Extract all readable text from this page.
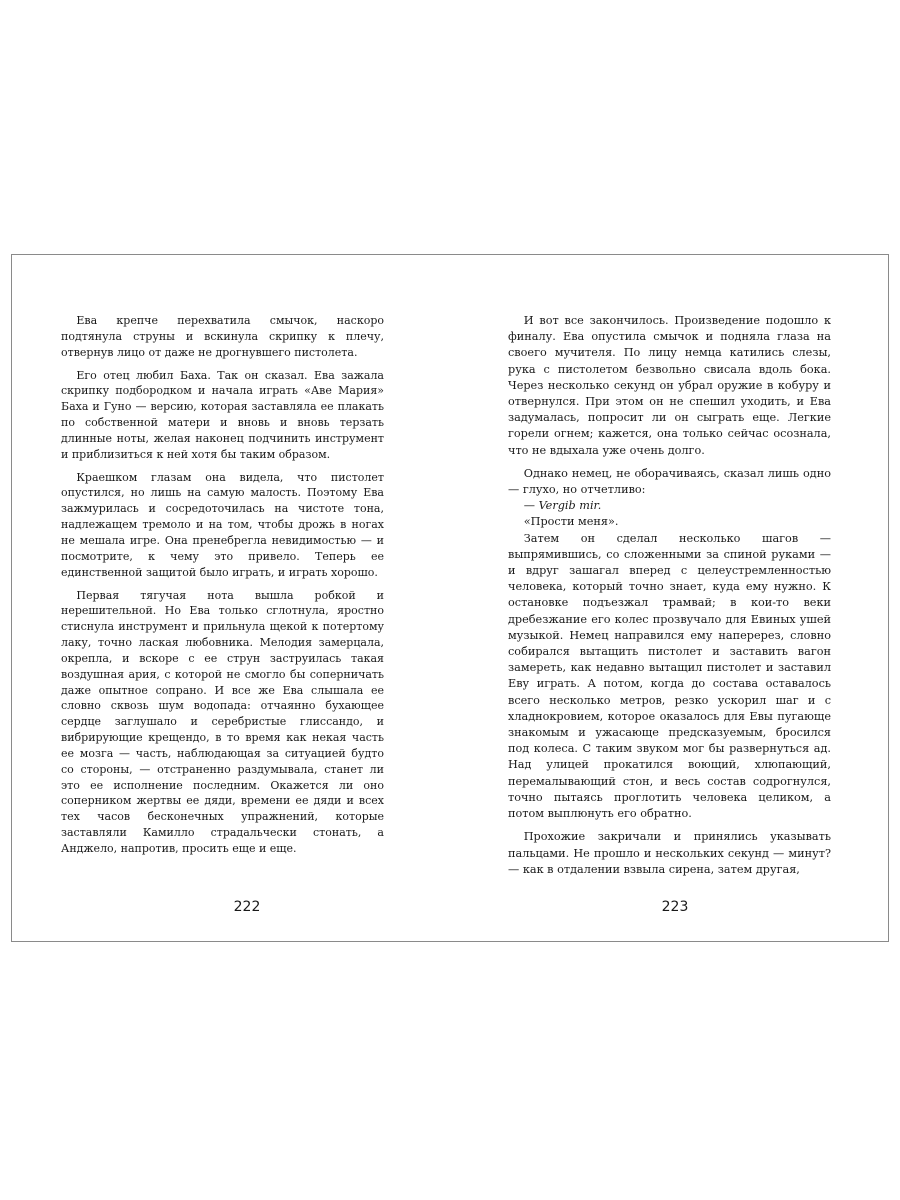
Ева крепче перехватила смычок, наскоро подтянула струны и вскинула скрипку к плечу, отвернув лицо от даже не дрогнувшего пистолета.

Его отец любил Баха. Так он сказал. Ева зажала скрипку подбородком и начала играть «Аве Мария» Баха и Гуно — версию, которая заставляла ее плакать по собственной матери и вновь и вновь терзать длинные ноты, желая наконец подчинить инструмент и приблизиться к ней хотя бы таким образом.

Краешком глазам она видела, что пистолет опустился, но лишь на самую малость. Поэтому Ева зажмурилась и сосредоточилась на чистоте тона, надлежащем тремоло и на том, чтобы дрожь в ногах не мешала игре. Она пренебрегла невидимостью — и посмотрите, к чему это привело. Теперь ее единственной защитой было играть, и играть хорошо.

Первая тягучая нота вышла робкой и нерешительной. Но Ева только сглотнула, яростно стиснула инструмент и прильнула щекой к потертому лаку, точно лаская любовника. Мелодия замерцала, окрепла, и вскоре с ее струн заструилась такая воздушная ария, с которой не смогло бы соперничать даже опытное сопрано. И все же Ева слышала ее словно сквозь шум водопада: отчаянно бухающее сердце заглушало и серебристые глиссандо, и вибрирующие крещендо, в то время как некая часть ее мозга — часть, наблюдающая за ситуацией будто со стороны, — отстраненно раздумывала, станет ли это ее исполнение последним. Окажется ли оно соперником жертвы ее дяди, времени ее дяди и всех тех часов бесконечных упражнений, которые заставляли Камилло страдальчески стонать, а Анджело, напротив, просить еще и еще.

222

И вот все закончилось. Произведение подошло к финалу. Ева опустила смычок и подняла глаза на своего мучителя. По лицу немца катились слезы, рука с пистолетом безвольно свисала вдоль бока. Через несколько секунд он убрал оружие в кобуру и отвернулся. При этом он не спешил уходить, и Ева задумалась, попросит ли он сыграть еще. Легкие горели огнем; кажется, она только сейчас осознала, что не вдыхала уже очень долго.

Однако немец, не оборачиваясь, сказал лишь одно — глухо, но отчетливо:

— Vergib mir.

«Прости меня».

Затем он сделал несколько шагов — выпрямившись, со сложенными за спиной руками — и вдруг зашагал вперед с целеустремленностью человека, который точно знает, куда ему нужно. К остановке подъезжал трамвай; в кои-то веки дребезжание его колес прозвучало для Евиных ушей музыкой. Немец направился ему наперерез, словно собирался вытащить пистолет и заставить вагон замереть, как недавно вытащил пистолет и заставил Еву играть. А потом, когда до состава оставалось всего несколько метров, резко ускорил шаг и с хладнокровием, которое оказалось для Евы пугающе знакомым и ужасающе предсказуемым, бросился под колеса. С таким звуком мог бы развернуться ад. Над улицей прокатился воющий, хлюпающий, перемалывающий стон, и весь состав содрогнулся, точно пытаясь проглотить человека целиком, а потом выплюнуть его обратно.

Прохожие закричали и принялись указывать пальцами. Не прошло и нескольких секунд — минут? — как в отдалении взвыла сирена, затем другая,

223
